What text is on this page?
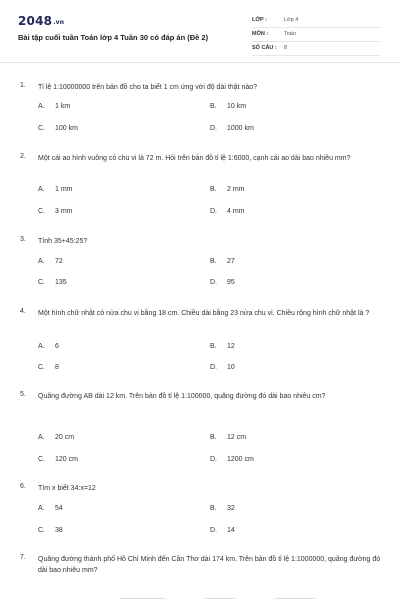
2048.vn
Bài tập cuối tuần Toán lớp 4 Tuần 30 có đáp án (Đề 2)
LỚP :	Lớp 4
MÔN :	Toán
SỐ CÂU : 8
1. Tỉ lệ 1:10000000 trên bản đồ cho ta biết 1 cm ứng với độ dài thật nào?
A. 1 km	B. 10 km
C. 100 km	D. 1000 km
2. Một cái ao hình vuông có chu vi là 72 m. Hỏi trên bản đồ tỉ lệ 1:6000, cạnh cái ao dài bao nhiêu mm?
A. 1 mm	B. 2 mm
C. 3 mm	D. 4 mm
3. Tính 35+45:25?
A. 72	B. 27
C. 135	D. 95
4. Một hình chữ nhật có nửa chu vi bằng 18 cm. Chiều dài bằng 23 nửa chu vi. Chiều rộng hình chữ nhật là ?
A. 6	B. 12
C. 8	D. 10
5. Quãng đường AB dài 12 km. Trên bản đồ tỉ lệ 1:100000, quãng đường đó dài bao nhiêu cm?
A. 20 cm	B. 12 cm
C. 120 cm	D. 1200 cm
6. Tìm x biết 34:x=12
A. 54	B. 32
C. 38	D. 14
7. Quãng đường thành phố Hồ Chí Minh đến Cần Thơ dài 174 km. Trên bản đồ tỉ lệ 1:1000000, quãng đường đó dài bao nhiêu mm?
